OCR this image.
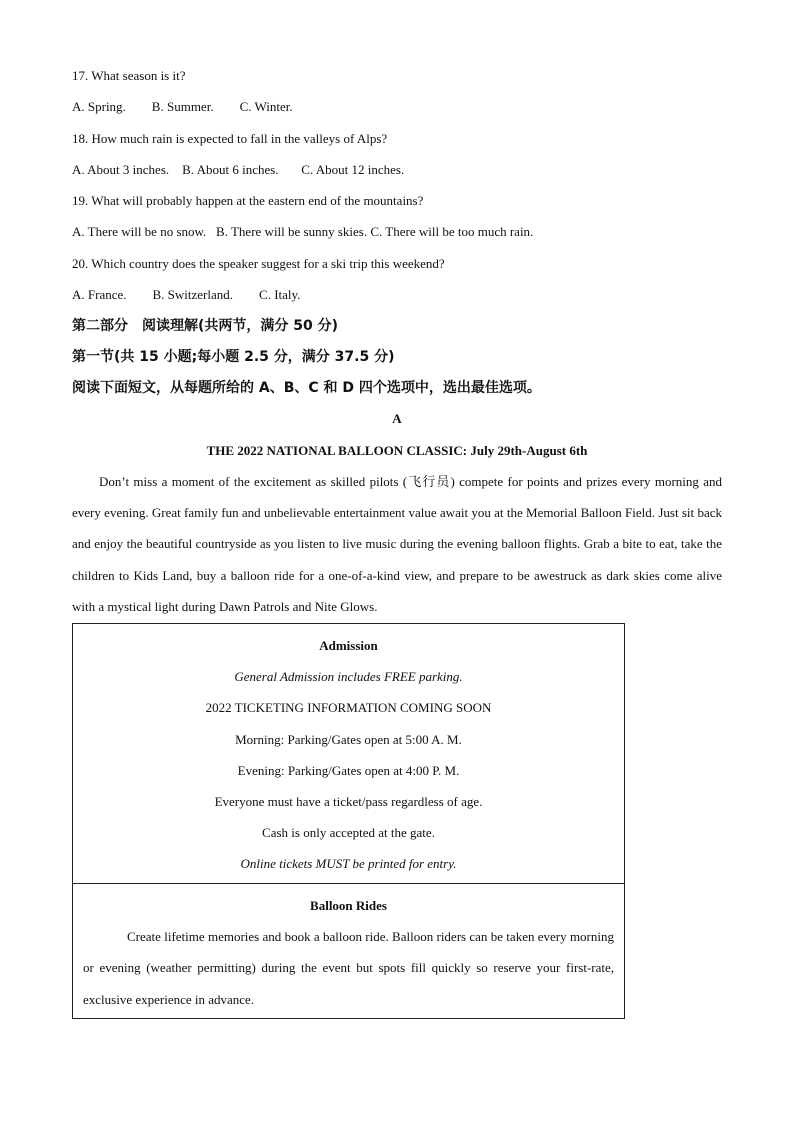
17. What season is it?
A. Spring.        B. Summer.        C. Winter.
18. How much rain is expected to fall in the valleys of Alps?
A. About 3 inches.    B. About 6 inches.       C. About 12 inches.
19. What will probably happen at the eastern end of the mountains?
A. There will be no snow.   B. There will be sunny skies. C. There will be too much rain.
20. Which country does the speaker suggest for a ski trip this weekend?
A. France.        B. Switzerland.        C. Italy.
第二部分　阅读理解(共两节，满分 50 分)
第一节(共 15 小题;每小题 2.5 分，满分 37.5 分)
阅读下面短文，从每题所给的 A、B、C 和 D 四个选项中，选出最佳选项。
A
THE 2022 NATIONAL BALLOON CLASSIC: July 29th-August 6th

Don’t miss a moment of the excitement as skilled pilots (飞行员) compete for points and prizes every morning and every evening. Great family fun and unbelievable entertainment value await you at the Memorial Balloon Field. Just sit back and enjoy the beautiful countryside as you listen to live music during the evening balloon flights. Grab a bite to eat, take the children to Kids Land, buy a balloon ride for a one-of-a-kind view, and prepare to be awestruck as dark skies come alive with a mystical light during Dawn Patrols and Nite Glows.

Admission
General Admission includes FREE parking.
2022 TICKETING INFORMATION COMING SOON
Morning: Parking/Gates open at 5:00 A. M.
Evening: Parking/Gates open at 4:00 P. M.
Everyone must have a ticket/pass regardless of age.
Cash is only accepted at the gate.
Online tickets MUST be printed for entry.

Balloon Rides
Create lifetime memories and book a balloon ride. Balloon riders can be taken every morning or evening (weather permitting) during the event but spots fill quickly so reserve your first-rate, exclusive experience in advance.
